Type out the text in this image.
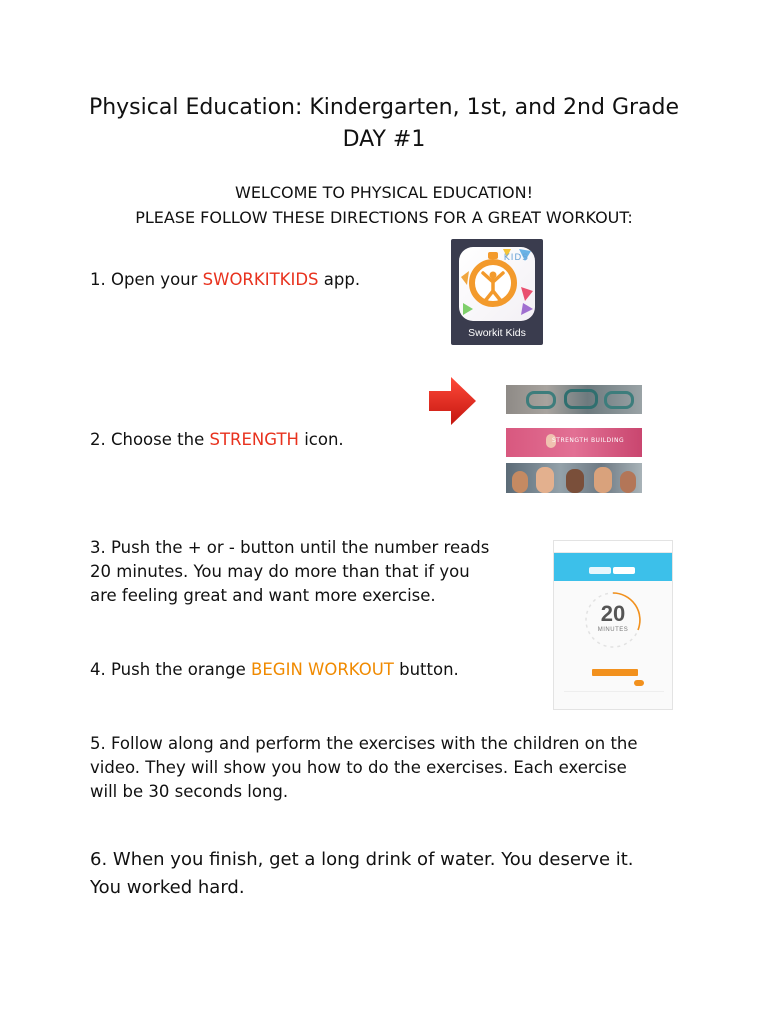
Physical Education: Kindergarten, 1st, and 2nd Grade
DAY #1
WELCOME TO PHYSICAL EDUCATION!
PLEASE FOLLOW THESE DIRECTIONS FOR A GREAT WORKOUT:
1. Open your SWORKITKIDS app.
KIDS
Sworkit Kids
STRENGTH BUILDING
2. Choose the STRENGTH icon.
3. Push the + or - button until the number reads
20 minutes. You may do more than that if you
are feeling great and want more exercise.
20
MINUTES
4. Push the orange BEGIN WORKOUT button.
5. Follow along and perform the exercises with the children on the
video. They will show you how to do the exercises. Each exercise
will be 30 seconds long.
6. When you finish, get a long drink of water. You deserve it.
You worked hard.
